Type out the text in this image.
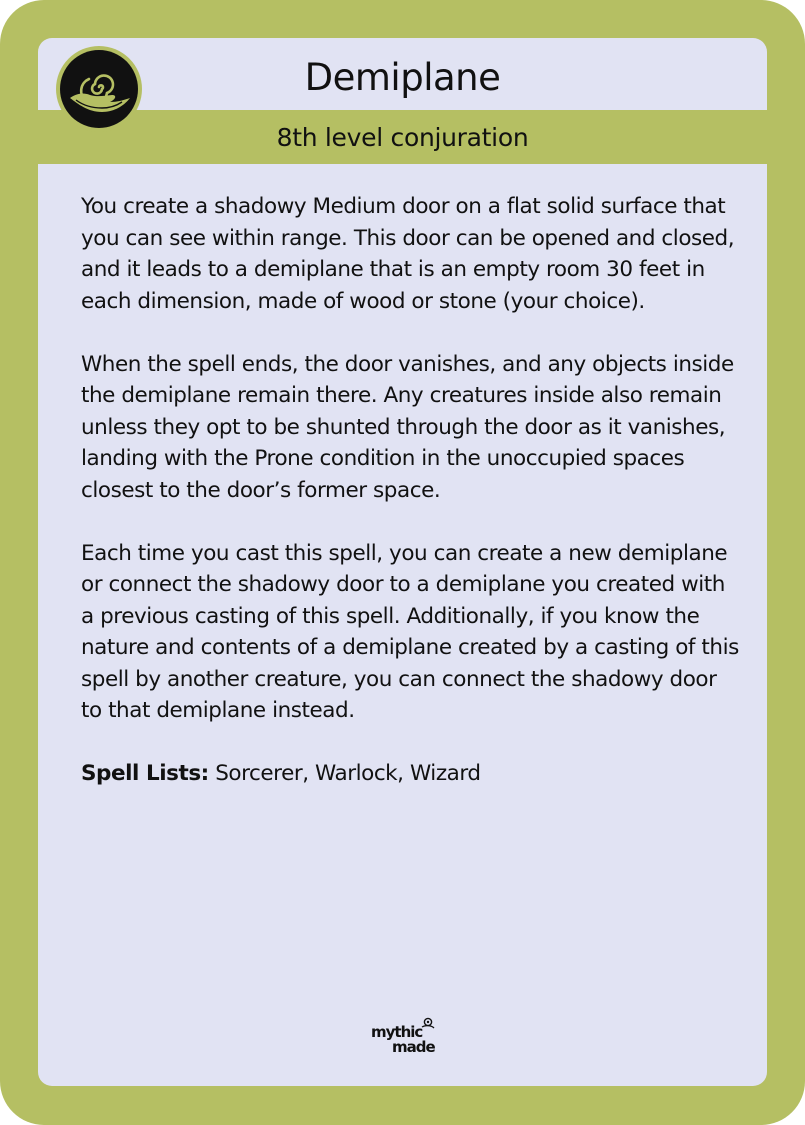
Demiplane
8th level conjuration

You create a shadowy Medium door on a flat solid surface that you can see within range. This door can be opened and closed, and it leads to a demiplane that is an empty room 30 feet in each dimension, made of wood or stone (your choice).

When the spell ends, the door vanishes, and any objects inside the demiplane remain there. Any creatures inside also remain unless they opt to be shunted through the door as it vanishes, landing with the Prone condition in the unoccupied spaces closest to the door’s former space.

Each time you cast this spell, you can create a new demiplane or connect the shadowy door to a demiplane you created with a previous casting of this spell. Additionally, if you know the nature and contents of a demiplane created by a casting of this spell by another creature, you can connect the shadowy door to that demiplane instead.

Spell Lists: Sorcerer, Warlock, Wizard
mythic
made
